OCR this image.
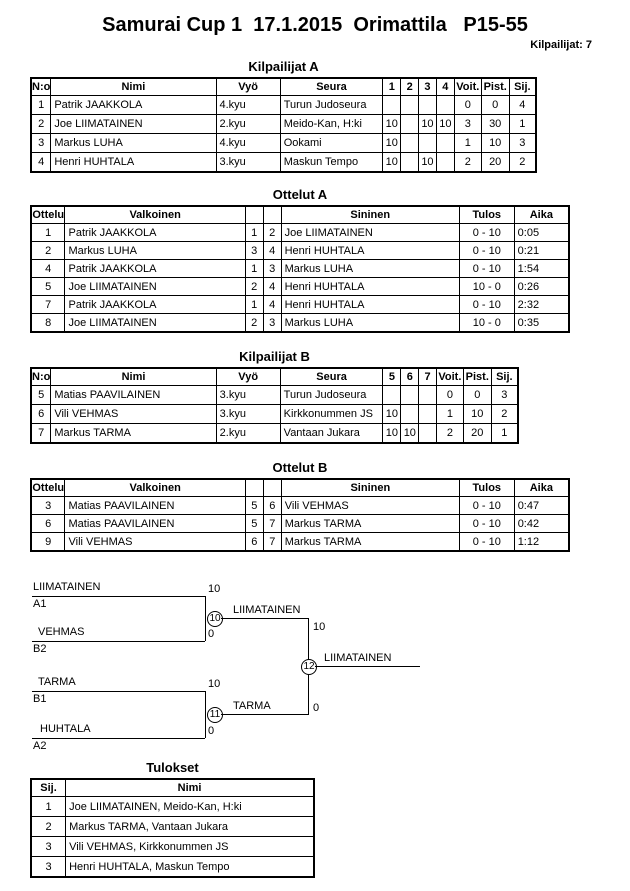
Samurai Cup 1  17.1.2015  Orimattila   P15-55
Kilpailijat: 7
Kilpailijat A
N:o	Nimi	Vyö	Seura	1	2	3	4	Voit.	Pist.	Sij.
1	Patrik JAAKKOLA	4.kyu	Turun Judoseura					0	0	4
2	Joe LIIMATAINEN	2.kyu	Meido-Kan, H:ki	10		10	10	3	30	1
3	Markus LUHA	4.kyu	Ookami	10				1	10	3
4	Henri HUHTALA	3.kyu	Maskun Tempo	10		10		2	20	2
Ottelut A
Ottelu	Valkoinen			Sininen	Tulos	Aika
1	Patrik JAAKKOLA	1	2	Joe LIIMATAINEN	0 - 10	0:05
2	Markus LUHA	3	4	Henri HUHTALA	0 - 10	0:21
4	Patrik JAAKKOLA	1	3	Markus LUHA	0 - 10	1:54
5	Joe LIIMATAINEN	2	4	Henri HUHTALA	10 - 0	0:26
7	Patrik JAAKKOLA	1	4	Henri HUHTALA	0 - 10	2:32
8	Joe LIIMATAINEN	2	3	Markus LUHA	10 - 0	0:35
Kilpailijat B
N:o	Nimi	Vyö	Seura	5	6	7	Voit.	Pist.	Sij.
5	Matias PAAVILAINEN	3.kyu	Turun Judoseura				0	0	3
6	Vili VEHMAS	3.kyu	Kirkkonummen JS	10			1	10	2
7	Markus TARMA	2.kyu	Vantaan Jukara	10	10		2	20	1
Ottelut B
Ottelu	Valkoinen			Sininen	Tulos	Aika
3	Matias PAAVILAINEN	5	6	Vili VEHMAS	0 - 10	0:47
6	Matias PAAVILAINEN	5	7	Markus TARMA	0 - 10	0:42
9	Vili VEHMAS	6	7	Markus TARMA	0 - 10	1:12
LIIMATAINEN
A1
10
VEHMAS
B2
0
10
LIIMATAINEN
10
12
LIIMATAINEN
0
TARMA
B1
10
HUHTALA
A2
0
11
TARMA
Tulokset
Sij.	Nimi
1	Joe LIIMATAINEN, Meido-Kan, H:ki
2	Markus TARMA, Vantaan Jukara
3	Vili VEHMAS, Kirkkonummen JS
3	Henri HUHTALA, Maskun Tempo
